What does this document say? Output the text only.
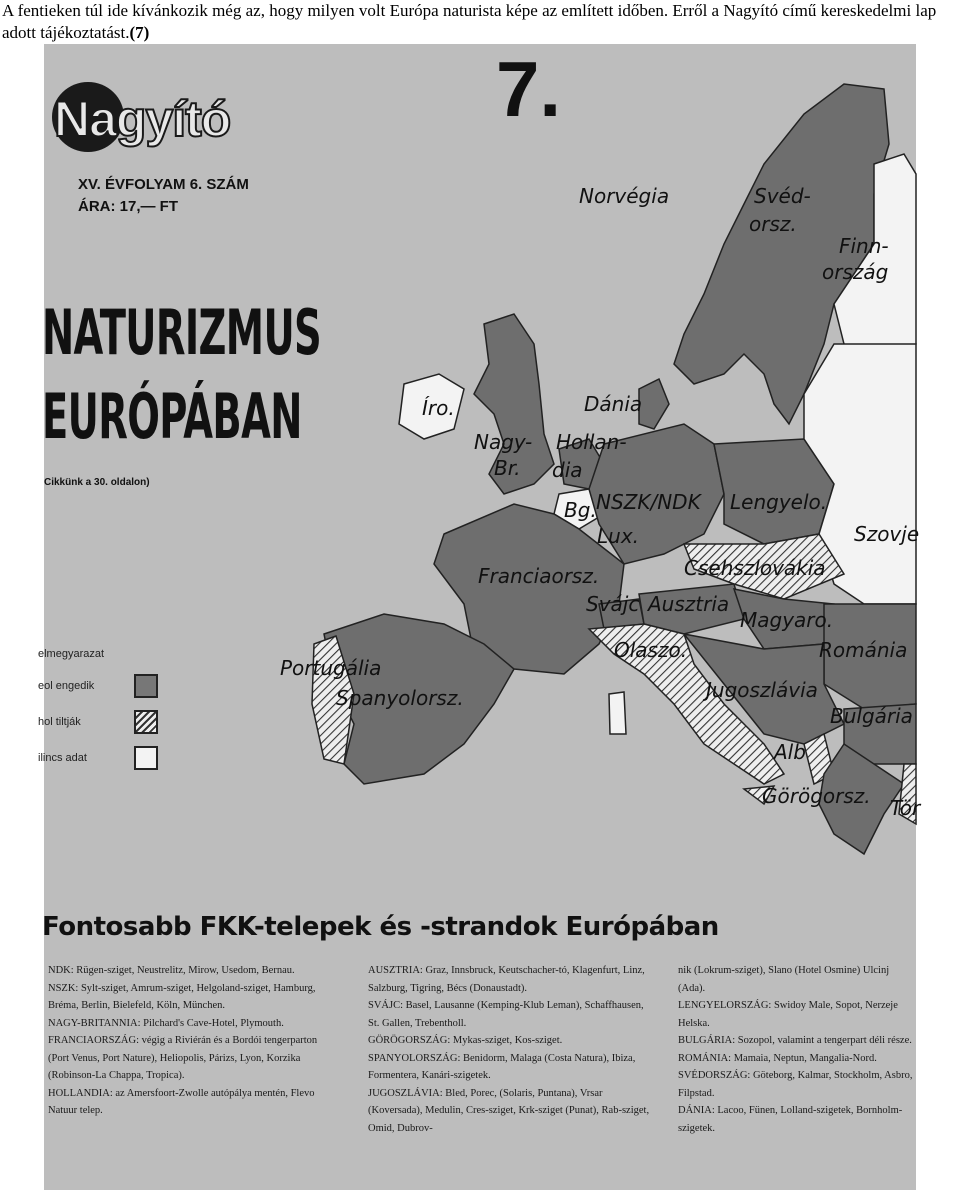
A fentieken túl ide kívánkozik még az, hogy milyen volt Európa naturista képe az említett időben. Erről a Nagyító című kereskedelmi lap adott tájékoztatást.(7)
Nagyító	7.
XV. ÉVFOLYAM 6. SZÁM
ÁRA: 17,— FT
NATURIZMUS
EURÓPÁBAN
Cikkünk a 30. oldalon)
elmegyarazat
eol engedik
hol tiltják
ilincs adat
Norvégia	Svéd-
orsz.
Finn-
ország
Íro.	Dánia
Nagy-
Br.
Hollan-
dia
Bg.
Lux.
NSZK/NDK Lengyelo.
Szovje
Franciaorsz.	Csehszlovákia
Svájc Ausztria
Magyaro.
Portugália
Spanyolorsz.
Olaszo.	Románia
Jugoszlávia
Bulgária
Alb
Görögorsz. Tör
Fontosabb FKK-telepek és -strandok Európában

NDK: Rügen-sziget, Neustrelitz, Mirow, Usedom, Bernau.

NSZK: Sylt-sziget, Amrum-sziget, Helgoland-sziget, Hamburg, Bréma, Berlin, Bielefeld, Köln, München.

NAGY-BRITANNIA: Pilchard's Cave-Hotel, Plymouth.

FRANCIAORSZÁG: végig a Riviérán és a Bordói tengerparton (Port Venus, Port Nature), Heliopolis, Párizs, Lyon, Korzika (Robinson-La Chappa, Tropica).

HOLLANDIA: az Amersfoort-Zwolle autópálya mentén, Flevo Natuur telep.

AUSZTRIA: Graz, Innsbruck, Keutschacher-tó, Klagenfurt, Linz, Salzburg, Tigring, Bécs (Donaustadt).

SVÁJC: Basel, Lausanne (Kemping-Klub Leman), Schaffhausen, St. Gallen, Trebentholl.

GÖRÖGORSZÁG: Mykas-sziget, Kos-sziget.

SPANYOLORSZÁG: Benidorm, Malaga (Costa Natura), Ibiza, Formentera, Kanári-szigetek.

JUGOSZLÁVIA: Bled, Porec, (Solaris, Puntana), Vrsar (Koversada), Medulin, Cres-sziget, Krk-sziget (Punat), Rab-sziget, Omid, Dubrov-

nik (Lokrum-sziget), Slano (Hotel Osmine) Ulcinj (Ada).

LENGYELORSZÁG: Swidoy Male, Sopot, Nerzeje Helska.

BULGÁRIA: Sozopol, valamint a tengerpart déli része.

ROMÁNIA: Mamaia, Neptun, Mangalia-Nord.

SVÉDORSZÁG: Göteborg, Kalmar, Stockholm, Asbro, Filpstad.

DÁNIA: Lacoo, Fünen, Lolland-szigetek, Bornholm-szigetek.
